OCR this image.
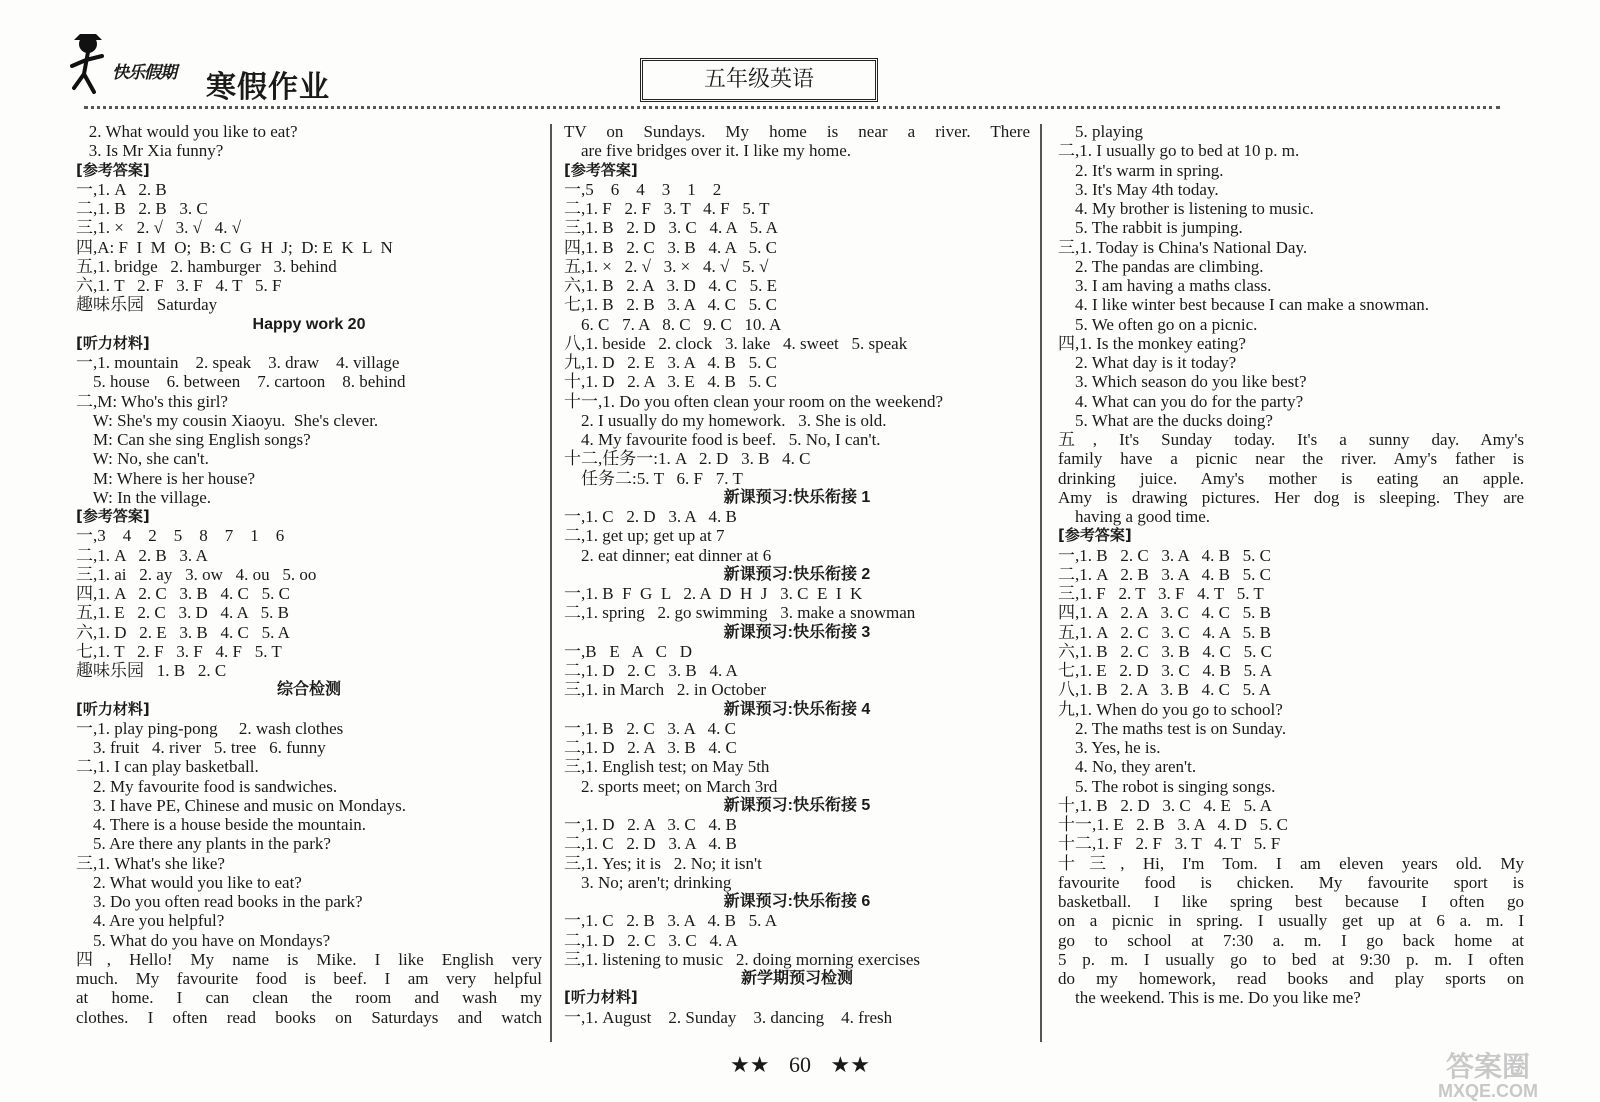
快乐假期 寒假作业	五年级英语
2. What would you like to eat?
3. Is Mr Xia funny?
[参考答案]
一,1. A   2. B
二,1. B   2. B   3. C
三,1. ×   2. √   3. √   4. √
四,A: F  I  M  O;  B: C  G  H  J;  D: E  K  L  N
五,1. bridge   2. hamburger   3. behind
六,1. T   2. F   3. F   4. T   5. F
趣味乐园   Saturday
Happy work 20
[听力材料]
一,1. mountain    2. speak    3. draw    4. village
5. house    6. between    7. cartoon    8. behind
二,M: Who's this girl?
W: She's my cousin Xiaoyu.  She's clever.
M: Can she sing English songs?
W: No, she can't.
M: Where is her house?
W: In the village.
[参考答案]
一,3    4    2    5    8    7    1    6
二,1. A   2. B   3. A
三,1. ai   2. ay   3. ow   4. ou   5. oo
四,1. A   2. C   3. B   4. C   5. C
五,1. E   2. C   3. D   4. A   5. B
六,1. D   2. E   3. B   4. C   5. A
七,1. T   2. F   3. F   4. F   5. T
趣味乐园   1. B   2. C
综合检测
[听力材料]
一,1. play ping-pong     2. wash clothes
3. fruit   4. river   5. tree   6. funny
二,1. I can play basketball.
2. My favourite food is sandwiches.
3. I have PE, Chinese and music on Mondays.
4. There is a house beside the mountain.
5. Are there any plants in the park?
三,1. What's she like?
2. What would you like to eat?
3. Do you often read books in the park?
4. Are you helpful?
5. What do you have on Mondays?
四, Hello! My name is Mike. I like English very
much. My favourite food is beef. I am very helpful
at home. I can clean the room and wash my
clothes. I often read books on Saturdays and watch
TV on Sundays. My home is near a river. There
are five bridges over it. I like my home.
[参考答案]
一,5    6    4    3    1    2
二,1. F   2. F   3. T   4. F   5. T
三,1. B   2. D   3. C   4. A   5. A
四,1. B   2. C   3. B   4. A   5. C
五,1. ×   2. √   3. ×   4. √   5. √
六,1. B   2. A   3. D   4. C   5. E
七,1. B   2. B   3. A   4. C   5. C
6. C   7. A   8. C   9. C   10. A
八,1. beside   2. clock   3. lake   4. sweet   5. speak
九,1. D   2. E   3. A   4. B   5. C
十,1. D   2. A   3. E   4. B   5. C
十一,1. Do you often clean your room on the weekend?
2. I usually do my homework.   3. She is old.
4. My favourite food is beef.   5. No, I can't.
十二,任务一:1. A   2. D   3. B   4. C
任务二:5. T   6. F   7. T
新课预习:快乐衔接 1
一,1. C   2. D   3. A   4. B
二,1. get up; get up at 7
2. eat dinner; eat dinner at 6
新课预习:快乐衔接 2
一,1. B  F  G  L   2. A  D  H  J   3. C  E  I  K
二,1. spring   2. go swimming   3. make a snowman
新课预习:快乐衔接 3
一,B   E   A   C   D
二,1. D   2. C   3. B   4. A
三,1. in March   2. in October
新课预习:快乐衔接 4
一,1. B   2. C   3. A   4. C
二,1. D   2. A   3. B   4. C
三,1. English test; on May 5th
2. sports meet; on March 3rd
新课预习:快乐衔接 5
一,1. D   2. A   3. C   4. B
二,1. C   2. D   3. A   4. B
三,1. Yes; it is   2. No; it isn't
3. No; aren't; drinking
新课预习:快乐衔接 6
一,1. C   2. B   3. A   4. B   5. A
二,1. D   2. C   3. C   4. A
三,1. listening to music   2. doing morning exercises
新学期预习检测
[听力材料]
一,1. August    2. Sunday    3. dancing    4. fresh
5. playing
二,1. I usually go to bed at 10 p. m.
2. It's warm in spring.
3. It's May 4th today.
4. My brother is listening to music.
5. The rabbit is jumping.
三,1. Today is China's National Day.
2. The pandas are climbing.
3. I am having a maths class.
4. I like winter best because I can make a snowman.
5. We often go on a picnic.
四,1. Is the monkey eating?
2. What day is it today?
3. Which season do you like best?
4. What can you do for the party?
5. What are the ducks doing?
五, It's Sunday today. It's a sunny day. Amy's
family have a picnic near the river. Amy's father is
drinking juice. Amy's mother is eating an apple.
Amy is drawing pictures. Her dog is sleeping. They are
having a good time.
[参考答案]
一,1. B   2. C   3. A   4. B   5. C
二,1. A   2. B   3. A   4. B   5. C
三,1. F   2. T   3. F   4. T   5. T
四,1. A   2. A   3. C   4. C   5. B
五,1. A   2. C   3. C   4. A   5. B
六,1. B   2. C   3. B   4. C   5. C
七,1. E   2. D   3. C   4. B   5. A
八,1. B   2. A   3. B   4. C   5. A
九,1. When do you go to school?
2. The maths test is on Sunday.
3. Yes, he is.
4. No, they aren't.
5. The robot is singing songs.
十,1. B   2. D   3. C   4. E   5. A
十一,1. E   2. B   3. A   4. D   5. C
十二,1. F   2. F   3. T   4. T   5. F
十三, Hi, I'm Tom. I am eleven years old. My
favourite food is chicken. My favourite sport is
basketball. I like spring best because I often go
on a picnic in spring. I usually get up at 6 a. m. I
go to school at 7:30 a. m. I go back home at
5 p. m. I usually go to bed at 9:30 p. m. I often
do my homework, read books and play sports on
the weekend. This is me. Do you like me?
★★ 60 ★★	答案圈
MXQE.COM
